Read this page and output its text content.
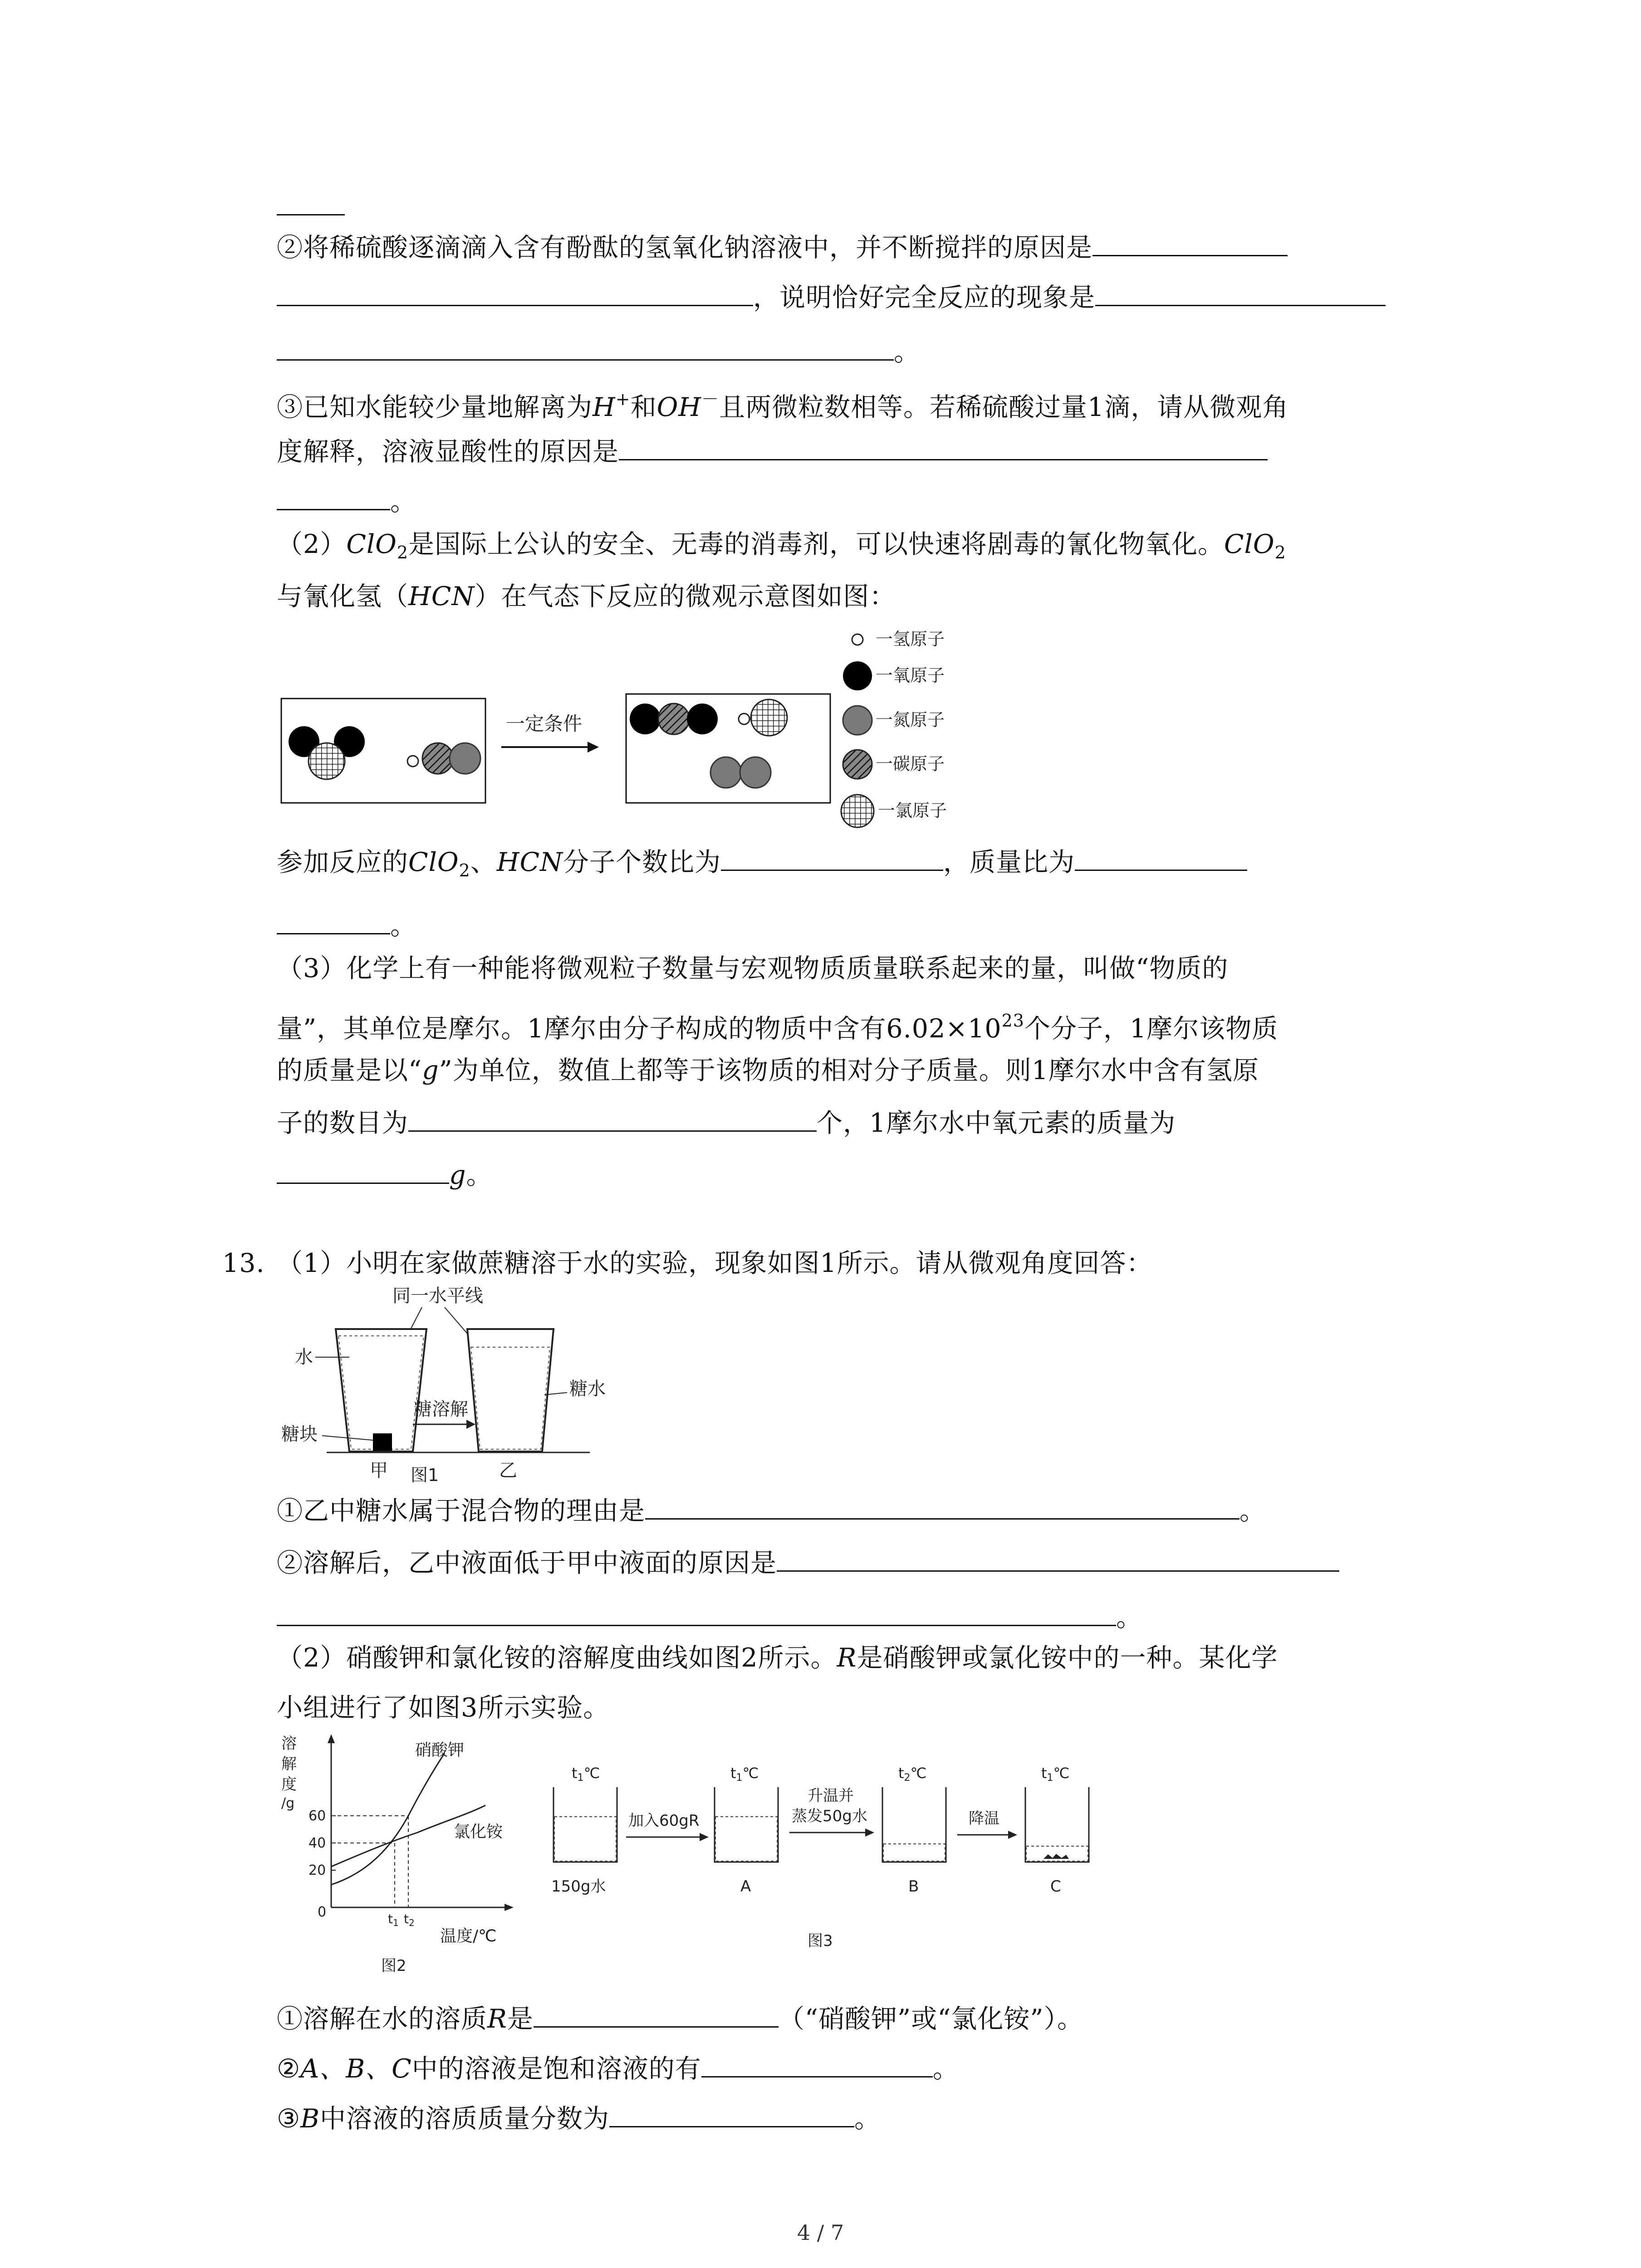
②将稀硫酸逐滴滴入含有酚酞的氢氧化钠溶液中，并不断搅拌的原因是
，说明恰好完全反应的现象是
。
③已知水能较少量地解离为H+和OH－且两微粒数相等。若稀硫酸过量1滴，请从微观角
度解释，溶液显酸性的原因是
。
（2）ClO$_2$是国际上公认的安全、无毒的消毒剂，可以快速将剧毒的氰化物氧化。ClO$_2$
与氰化氢（HCN）在气态下反应的微观示意图如图：
一定条件
一氢原子
一氧原子
一氮原子
一碳原子
一氯原子
参加反应的ClO$_2$、HCN分子个数比为	，质量比为
。
（3）化学上有一种能将微观粒子数量与宏观物质质量联系起来的量，叫做“物质的
量”，其单位是摩尔。1摩尔由分子构成的物质中含有$6.02\times 10^{23}$个分子，1摩尔该物质
的质量是以“g”为单位，数值上都等于该物质的相对分子质量。则1摩尔水中含有氢原
子的数目为	个，1摩尔水中氧元素的质量为
g。
13. （1）小明在家做蔗糖溶于水的实验，现象如图1所示。请从微观角度回答：
同一水平线
水
糖块
糖溶解
糖水
甲 图1	乙
①乙中糖水属于混合物的理由是	。
②溶解后，乙中液面低于甲中液面的原因是
。
（2）硝酸钾和氯化铵的溶解度曲线如图2所示。R是硝酸钾或氯化铵中的一种。某化学
小组进行了如图3所示实验。
溶
解
度
/g
60
40
20
0
硝酸钾
氯化铵
$t_1$ $t_2$
温度/℃
图2
t1℃
150g水
加入60gR
t1℃
A
升温并
蒸发50g水
t2℃
B
降温
t1℃
C
图3
①溶解在水的溶质R是	（“硝酸钾”或“氯化铵”）。
②A、B、C中的溶液是饱和溶液的有	。
③B中溶液的溶质质量分数为	。
4 / 7
